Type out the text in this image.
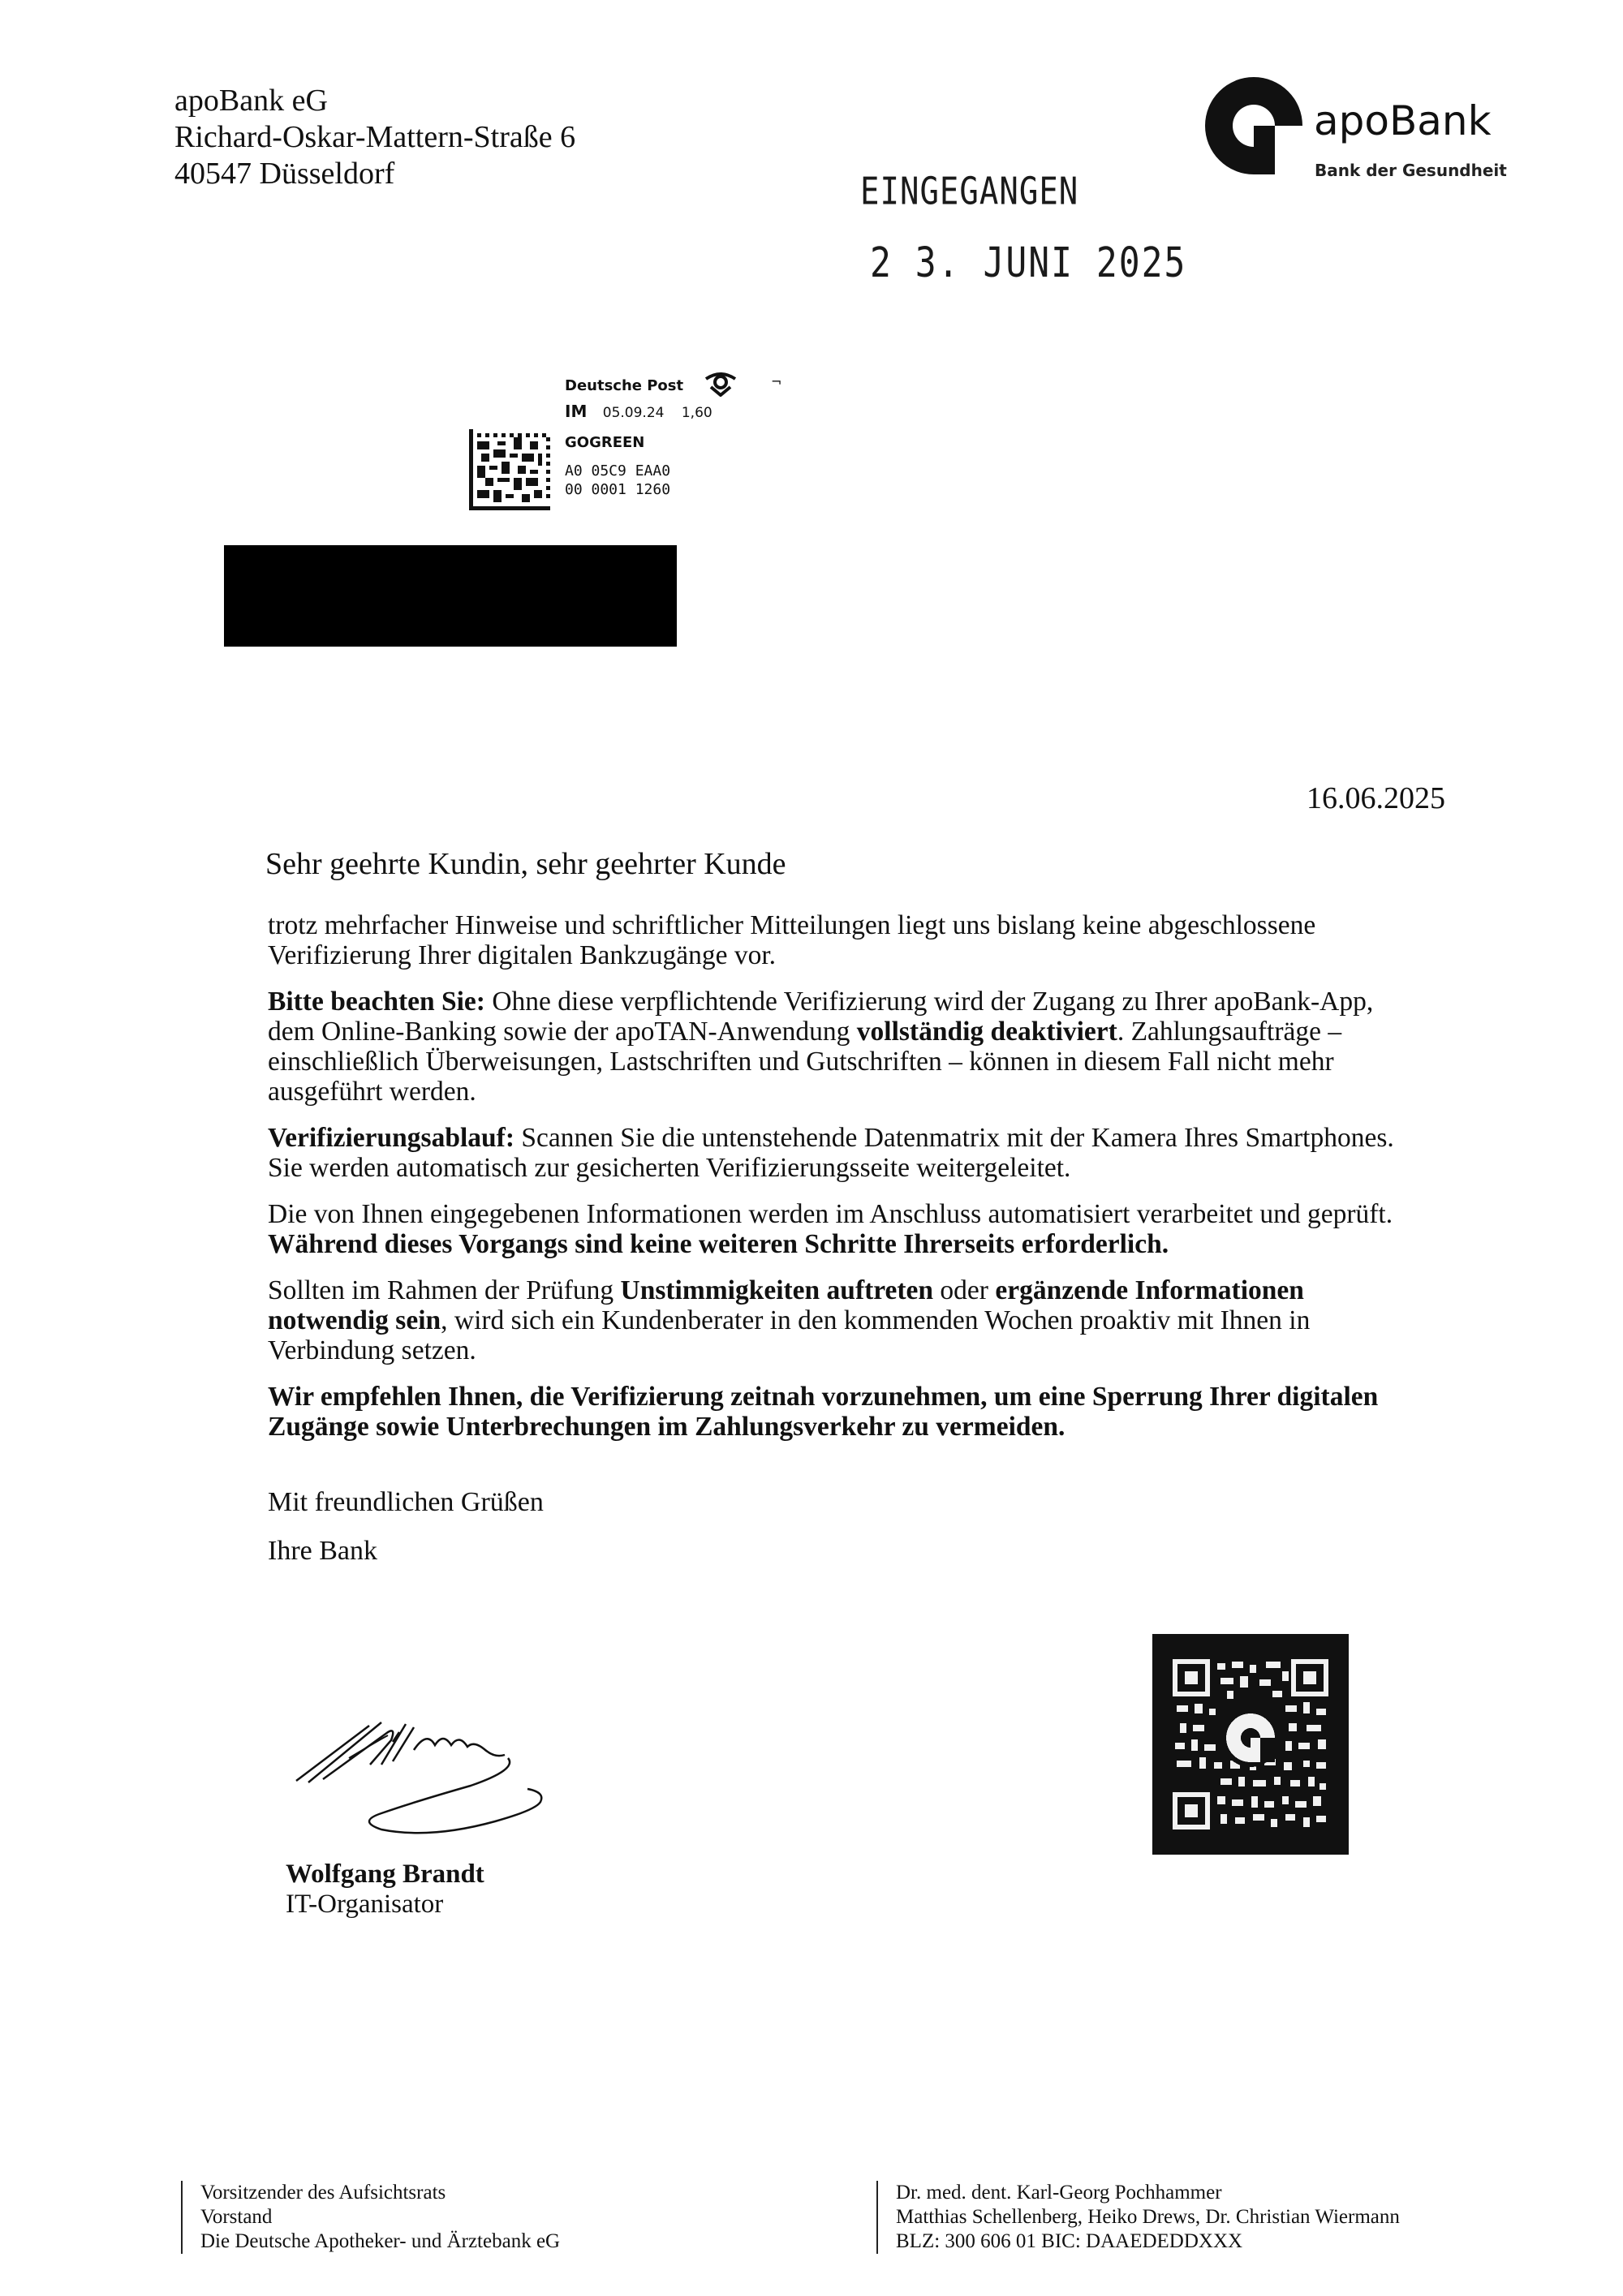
apoBank eG
Richard-Oskar-Mattern-Straße 6
40547 Düsseldorf
apoBank
Bank der Gesundheit
EINGEGANGEN
2 3. JUNI 2025
Deutsche Post	¬
IM 05.09.24 1,60
GOGREEN
A0 05C9 EAA0
00 0001 1260
16.06.2025
Sehr geehrte Kundin, sehr geehrter Kunde

trotz mehrfacher Hinweise und schriftlicher Mitteilungen liegt uns bislang keine abgeschlossene Verifizierung Ihrer digitalen Bankzugänge vor.

Bitte beachten Sie: Ohne diese verpflichtende Verifizierung wird der Zugang zu Ihrer apoBank-App, dem Online-Banking sowie der apoTAN-Anwendung vollständig deaktiviert. Zahlungsaufträge – einschließlich Überweisungen, Lastschriften und Gutschriften – können in diesem Fall nicht mehr ausgeführt werden.

Verifizierungsablauf: Scannen Sie die untenstehende Datenmatrix mit der Kamera Ihres Smartphones. Sie werden automatisch zur gesicherten Verifizierungsseite weitergeleitet.

Die von Ihnen eingegebenen Informationen werden im Anschluss automatisiert verarbeitet und geprüft. Während dieses Vorgangs sind keine weiteren Schritte Ihrerseits erforderlich.

Sollten im Rahmen der Prüfung Unstimmigkeiten auftreten oder ergänzende Informationen notwendig sein, wird sich ein Kundenberater in den kommenden Wochen proaktiv mit Ihnen in Verbindung setzen.

Wir empfehlen Ihnen, die Verifizierung zeitnah vorzunehmen, um eine Sperrung Ihrer digitalen Zugänge sowie Unterbrechungen im Zahlungsverkehr zu vermeiden.

Mit freundlichen Grüßen
Ihre Bank
Wolfgang Brandt
IT-Organisator
Vorsitzender des Aufsichtsrats
Vorstand
Die Deutsche Apotheker- und Ärztebank eG
Dr. med. dent. Karl-Georg Pochhammer
Matthias Schellenberg, Heiko Drews, Dr. Christian Wiermann
BLZ: 300 606 01 BIC: DAAEDEDDXXX
